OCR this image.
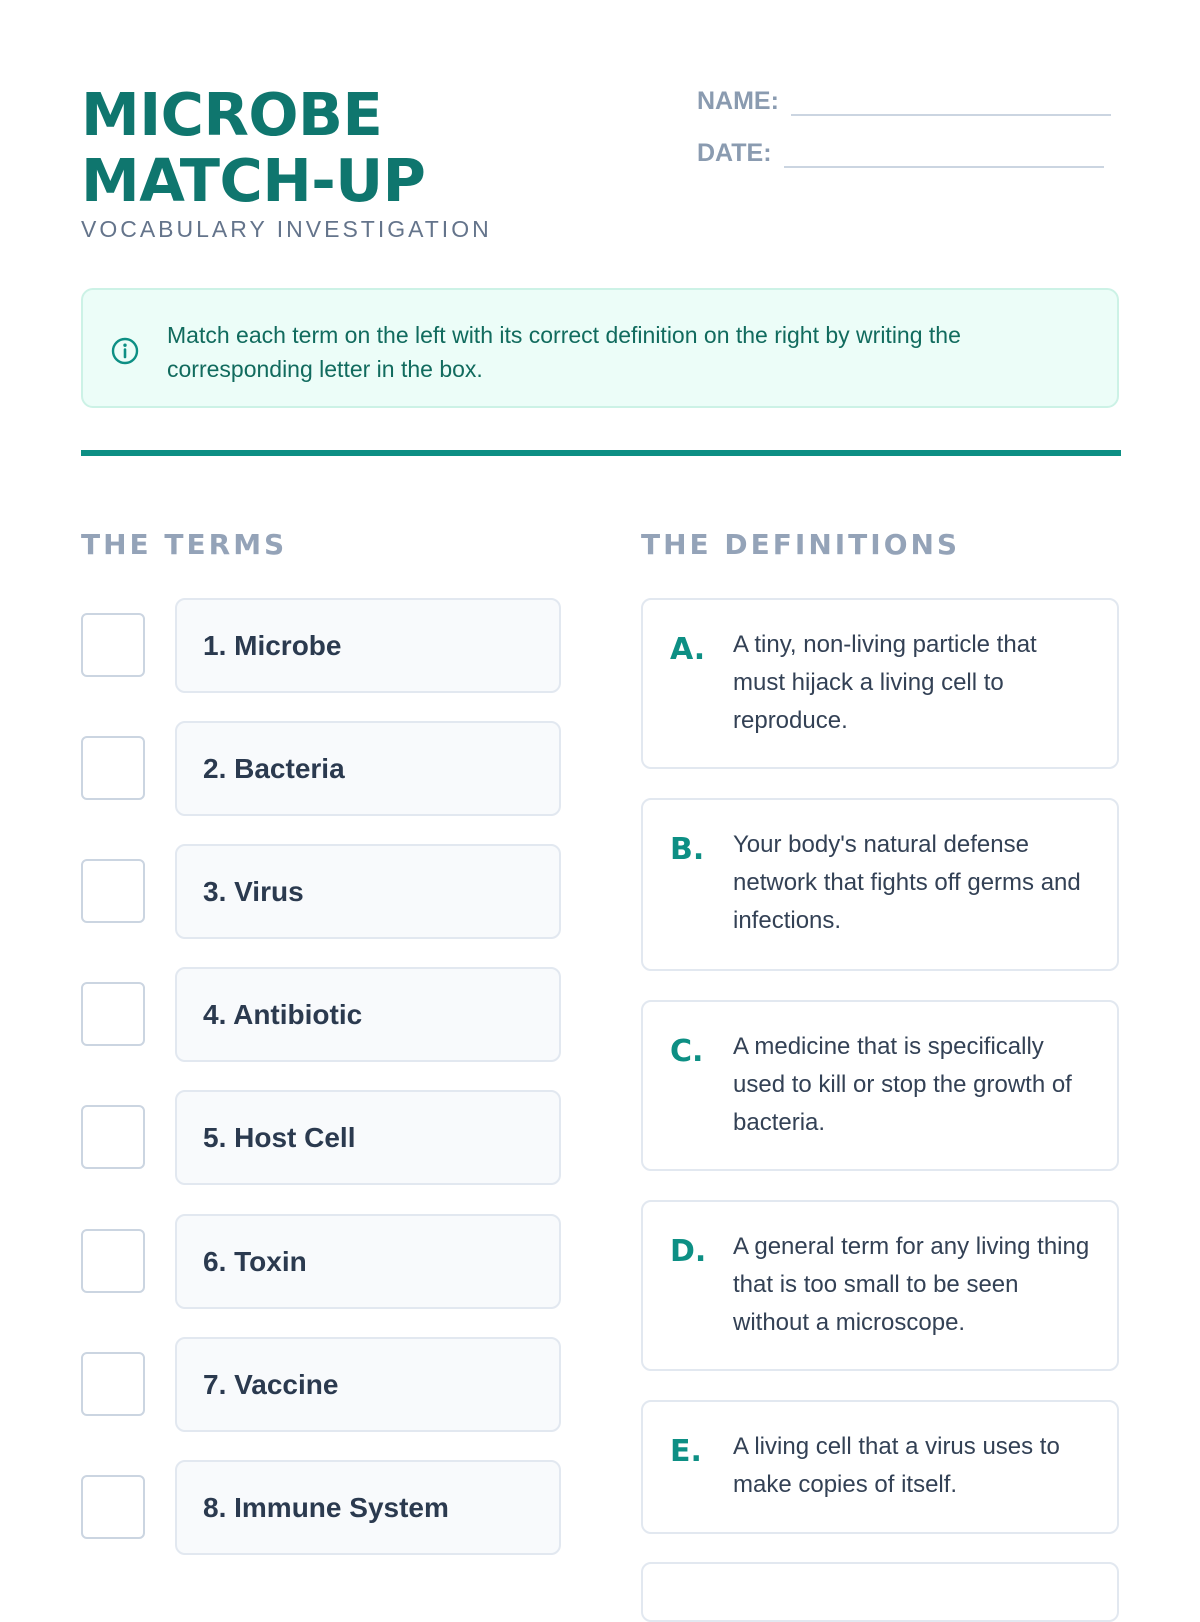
MICROBE MATCH-UP
VOCABULARY INVESTIGATION
NAME:
DATE:
Match each term on the left with its correct definition on the right by writing the corresponding letter in the box.
THE TERMS	THE DEFINITIONS
1. Microbe
2. Bacteria
3. Virus
4. Antibiotic
5. Host Cell
6. Toxin
7. Vaccine
8. Immune System
A. A tiny, non-living particle that must hijack a living cell to reproduce.
B. Your body's natural defense network that fights off germs and infections.
C. A medicine that is specifically used to kill or stop the growth of bacteria.
D. A general term for any living thing that is too small to be seen without a microscope.
E. A living cell that a virus uses to make copies of itself.
